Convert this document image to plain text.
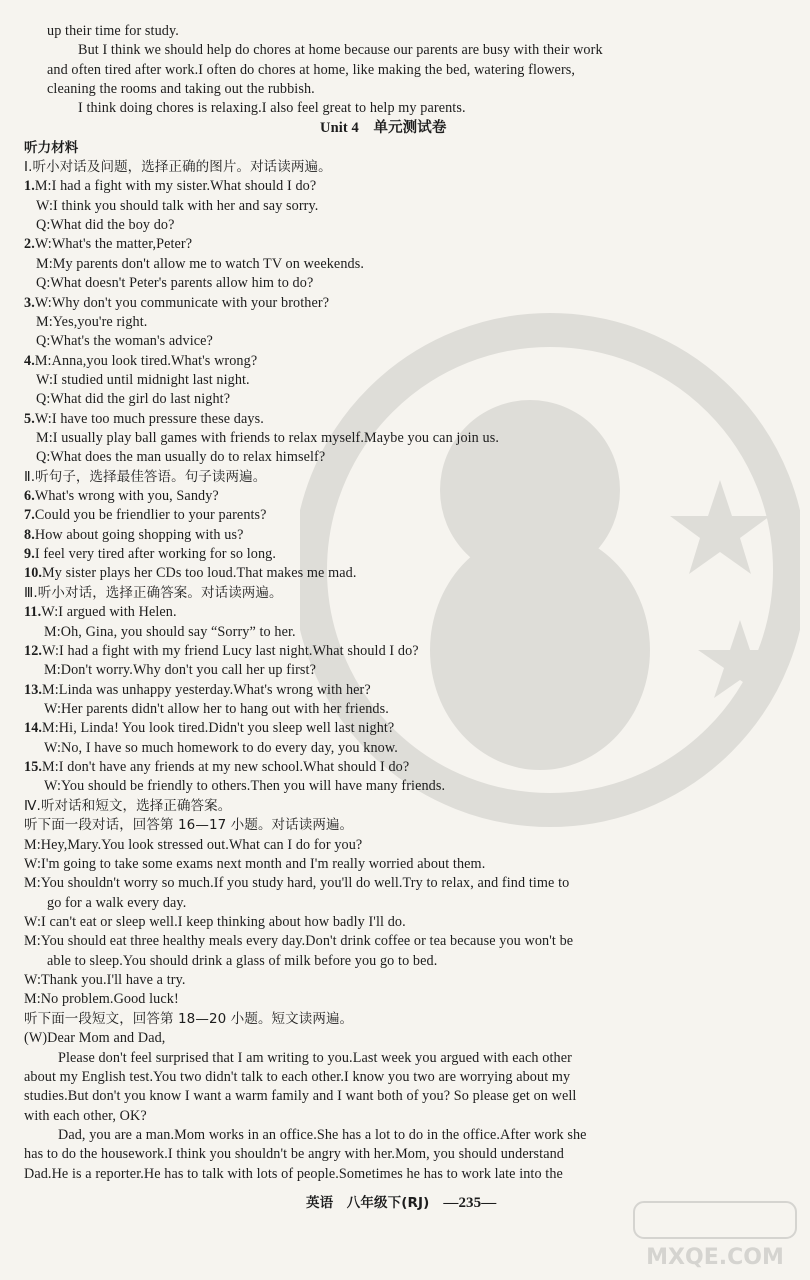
up their time for study.

But I think we should help do chores at home because our parents are busy with their work

and often tired after work.I often do chores at home, like making the bed, watering flowers,

cleaning the rooms and taking out the rubbish.

I think doing chores is relaxing.I also feel great to help my parents.

Unit 4　单元测试卷

听力材料

Ⅰ.听小对话及问题，选择正确的图片。对话读两遍。

1.M:I had a fight with my sister.What should I do?

W:I think you should talk with her and say sorry.

Q:What did the boy do?

2.W:What's the matter,Peter?

M:My parents don't allow me to watch TV on weekends.

Q:What doesn't Peter's parents allow him to do?

3.W:Why don't you communicate with your brother?

M:Yes,you're right.

Q:What's the woman's advice?

4.M:Anna,you look tired.What's wrong?

W:I studied until midnight last night.

Q:What did the girl do last night?

5.W:I have too much pressure these days.

M:I usually play ball games with friends to relax myself.Maybe you can join us.

Q:What does the man usually do to relax himself?

Ⅱ.听句子，选择最佳答语。句子读两遍。

6.What's wrong with you, Sandy?

7.Could you be friendlier to your parents?

8.How about going shopping with us?

9.I feel very tired after working for so long.

10.My sister plays her CDs too loud.That makes me mad.

Ⅲ.听小对话，选择正确答案。对话读两遍。

11.W:I argued with Helen.

M:Oh, Gina, you should say “Sorry” to her.

12.W:I had a fight with my friend Lucy last night.What should I do?

M:Don't worry.Why don't you call her up first?

13.M:Linda was unhappy yesterday.What's wrong with her?

W:Her parents didn't allow her to hang out with her friends.

14.M:Hi, Linda! You look tired.Didn't you sleep well last night?

W:No, I have so much homework to do every day, you know.

15.M:I don't have any friends at my new school.What should I do?

W:You should be friendly to others.Then you will have many friends.

Ⅳ.听对话和短文，选择正确答案。

听下面一段对话，回答第 16—17 小题。对话读两遍。

M:Hey,Mary.You look stressed out.What can I do for you?

W:I'm going to take some exams next month and I'm really worried about them.

M:You shouldn't worry so much.If you study hard, you'll do well.Try to relax, and find time to

go for a walk every day.

W:I can't eat or sleep well.I keep thinking about how badly I'll do.

M:You should eat three healthy meals every day.Don't drink coffee or tea because you won't be

able to sleep.You should drink a glass of milk before you go to bed.

W:Thank you.I'll have a try.

M:No problem.Good luck!

听下面一段短文，回答第 18—20 小题。短文读两遍。

(W)Dear Mom and Dad,

Please don't feel surprised that I am writing to you.Last week you argued with each other

about my English test.You two didn't talk to each other.I know you two are worrying about my

studies.But don't you know I want a warm family and I want both of you? So please get on well

with each other, OK?

Dad, you are a man.Mom works in an office.She has a lot to do in the office.After work she

has to do the housework.I think you shouldn't be angry with her.Mom, you should understand

Dad.He is a reporter.He has to talk with lots of people.Sometimes he has to work late into the

英语　八年级下(RJ) —235—
MXQE.COM
